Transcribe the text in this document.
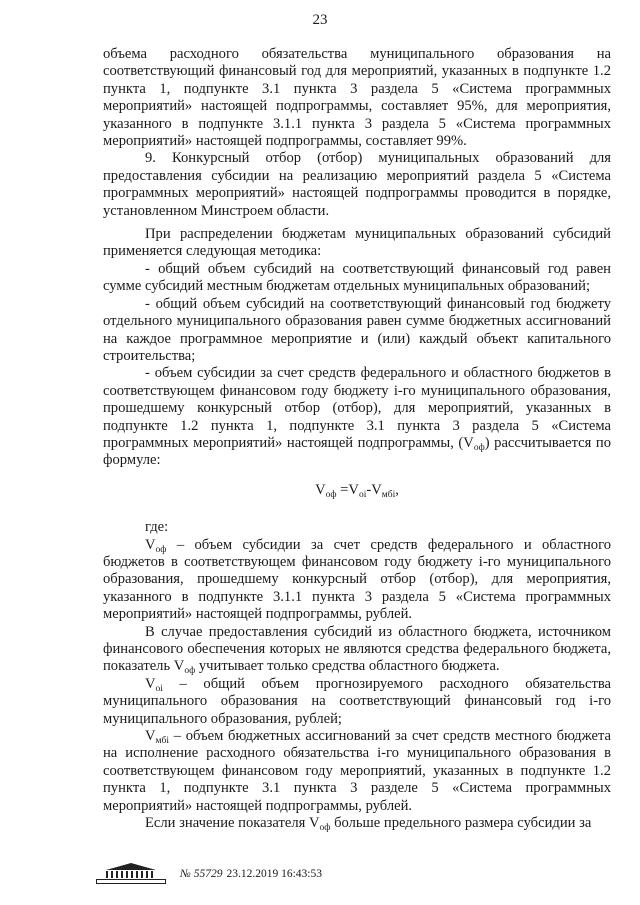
23

объема расходного обязательства муниципального образования на соответствующий финансовый год для мероприятий, указанных в подпункте 1.2 пункта 1, подпункте 3.1 пункта 3 раздела 5 «Система программных мероприятий» настоящей подпрограммы, составляет 95%, для мероприятия, указанного в подпункте 3.1.1 пункта 3 раздела 5 «Система программных мероприятий» настоящей подпрограммы, составляет 99%.

9. Конкурсный отбор (отбор) муниципальных образований для предоставления субсидии на реализацию мероприятий раздела 5 «Система программных мероприятий» настоящей подпрограммы проводится в порядке, установленном Минстроем области.

При распределении бюджетам муниципальных образований субсидий применяется следующая методика:

- общий объем субсидий на соответствующий финансовый год равен сумме субсидий местным бюджетам отдельных муниципальных образований;

- общий объем субсидий на соответствующий финансовый год бюджету отдельного муниципального образования равен сумме бюджетных ассигнований на каждое программное мероприятие и (или) каждый объект капитального строительства;

- объем субсидии за счет средств федерального и областного бюджетов в соответствующем финансовом году бюджету i-го муниципального образования, прошедшему конкурсный отбор (отбор), для мероприятий, указанных в подпункте 1.2 пункта 1, подпункте 3.1 пункта 3 раздела 5 «Система программных мероприятий» настоящей подпрограммы, $(V_{оф})$ рассчитывается по формуле:

$V_{оф} =V_{oi}-V_{мбi}$,

где:

$V_{оф}$ – объем субсидии за счет средств федерального и областного бюджетов в соответствующем финансовом году бюджету i-го муниципального образования, прошедшему конкурсный отбор (отбор), для мероприятия, указанного в подпункте 3.1.1 пункта 3 раздела 5 «Система программных мероприятий» настоящей подпрограммы, рублей.

В случае предоставления субсидий из областного бюджета, источником финансового обеспечения которых не являются средства федерального бюджета, показатель $V_{оф}$ учитывает только средства областного бюджета.

$V_{oi}$ – общий объем прогнозируемого расходного обязательства муниципального образования на соответствующий финансовый год i-го муниципального образования, рублей;

$V_{мбi}$ – объем бюджетных ассигнований за счет средств местного бюджета на исполнение расходного обязательства i-го муниципального образования в соответствующем финансовом году мероприятий, указанных в подпункте 1.2 пункта 1, подпункте 3.1 пункта 3 разделе 5 «Система программных мероприятий» настоящей подпрограммы, рублей.

Если значение показателя $V_{оф}$ больше предельного размера субсидии за

№ 55729 23.12.2019 16:43:53
